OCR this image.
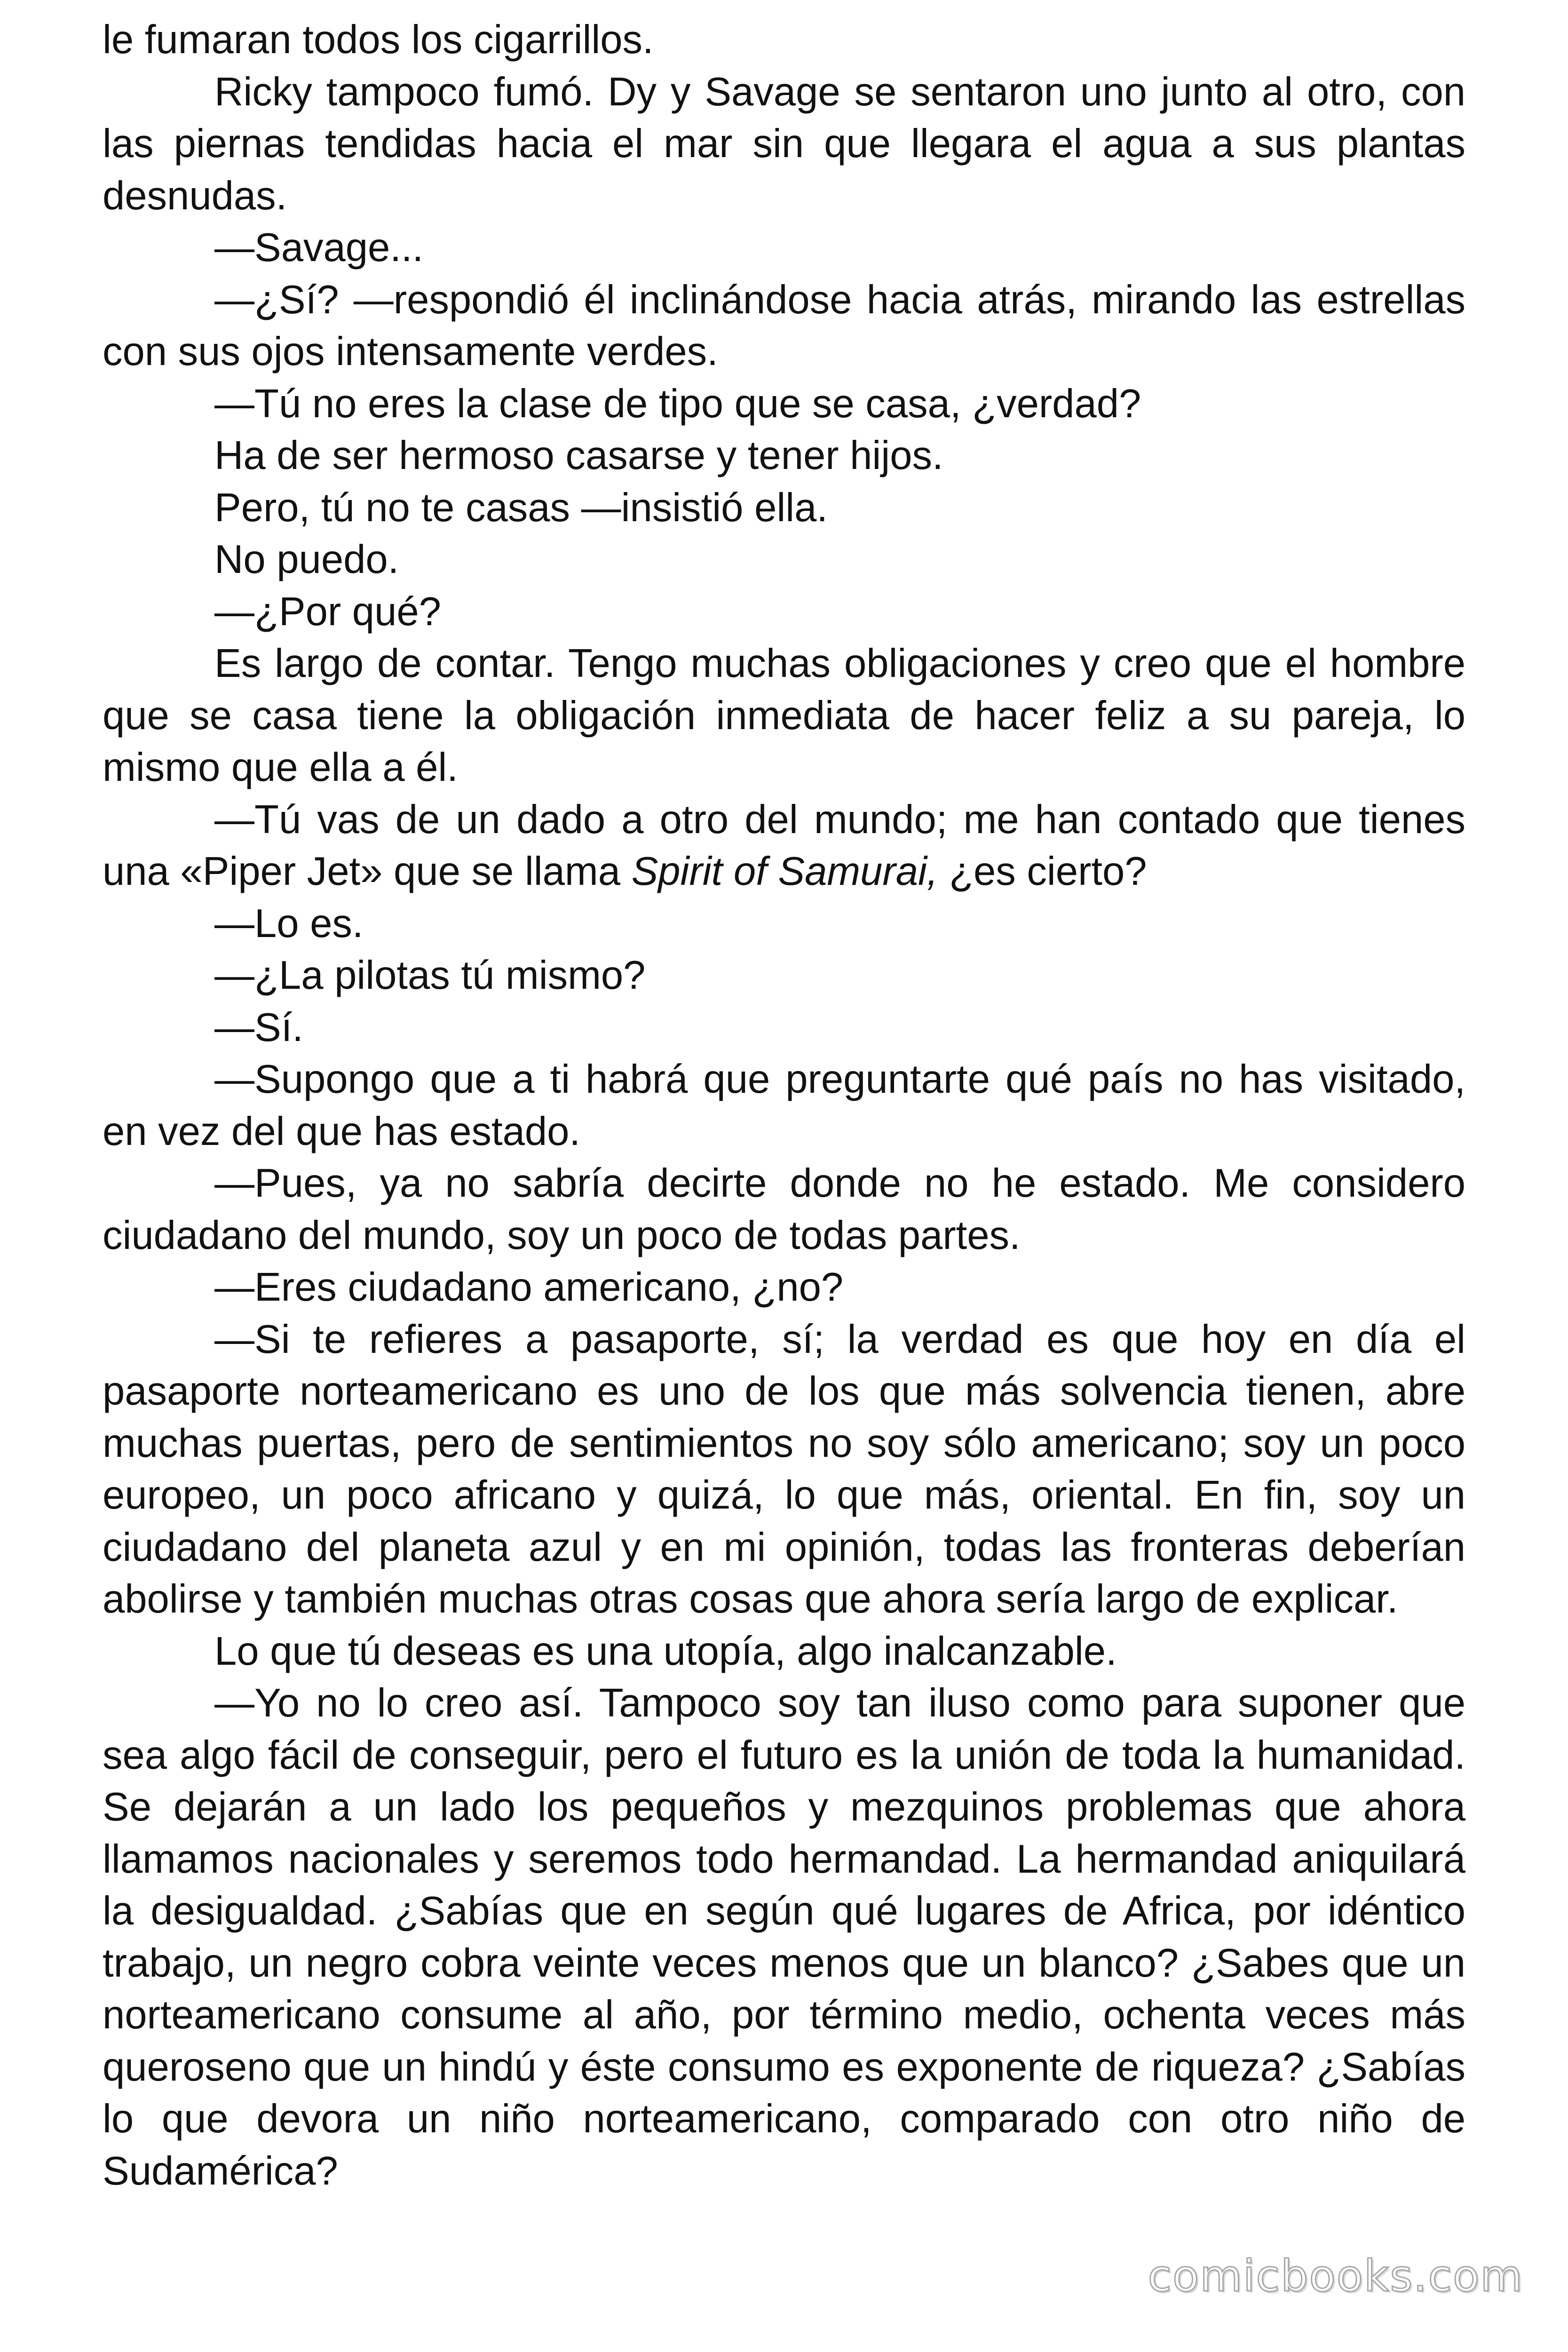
le fumaran todos los cigarrillos.

Ricky tampoco fumó. Dy y Savage se sentaron uno junto al otro, con las piernas tendidas hacia el mar sin que llegara el agua a sus plantas desnudas.

—Savage...

—¿Sí? —respondió él inclinándose hacia atrás, mirando las estrellas con sus ojos intensamente verdes.

—Tú no eres la clase de tipo que se casa, ¿verdad?

Ha de ser hermoso casarse y tener hijos.

Pero, tú no te casas —insistió ella.

No puedo.

—¿Por qué?

Es largo de contar. Tengo muchas obligaciones y creo que el hombre que se casa tiene la obligación inmediata de hacer feliz a su pareja, lo mismo que ella a él.

—Tú vas de un dado a otro del mundo; me han contado que tienes una «Piper Jet» que se llama Spirit of Samurai, ¿es cierto?

—Lo es.

—¿La pilotas tú mismo?

—Sí.

—Supongo que a ti habrá que preguntarte qué país no has visitado, en vez del que has estado.

—Pues, ya no sabría decirte donde no he estado. Me considero ciudadano del mundo, soy un poco de todas partes.

—Eres ciudadano americano, ¿no?

—Si te refieres a pasaporte, sí; la verdad es que hoy en día el pasaporte norteamericano es uno de los que más solvencia tienen, abre muchas puertas, pero de sentimientos no soy sólo americano; soy un poco europeo, un poco africano y quizá, lo que más, oriental. En fin, soy un ciudadano del planeta azul y en mi opinión, todas las fronteras deberían abolirse y también muchas otras cosas que ahora sería largo de explicar.

Lo que tú deseas es una utopía, algo inalcanzable.

—Yo no lo creo así. Tampoco soy tan iluso como para suponer que sea algo fácil de conseguir, pero el futuro es la unión de toda la humanidad. Se dejarán a un lado los pequeños y mezquinos problemas que ahora llamamos nacionales y seremos todo hermandad. La hermandad aniquilará la desigualdad. ¿Sabías que en según qué lugares de Africa, por idéntico trabajo, un negro cobra veinte veces menos que un blanco? ¿Sabes que un norteamericano consume al año, por término medio, ochenta veces más queroseno que un hindú y éste consumo es exponente de riqueza? ¿Sabías lo que devora un niño norteamericano, comparado con otro niño de Sudamérica?

comicbooks.com
